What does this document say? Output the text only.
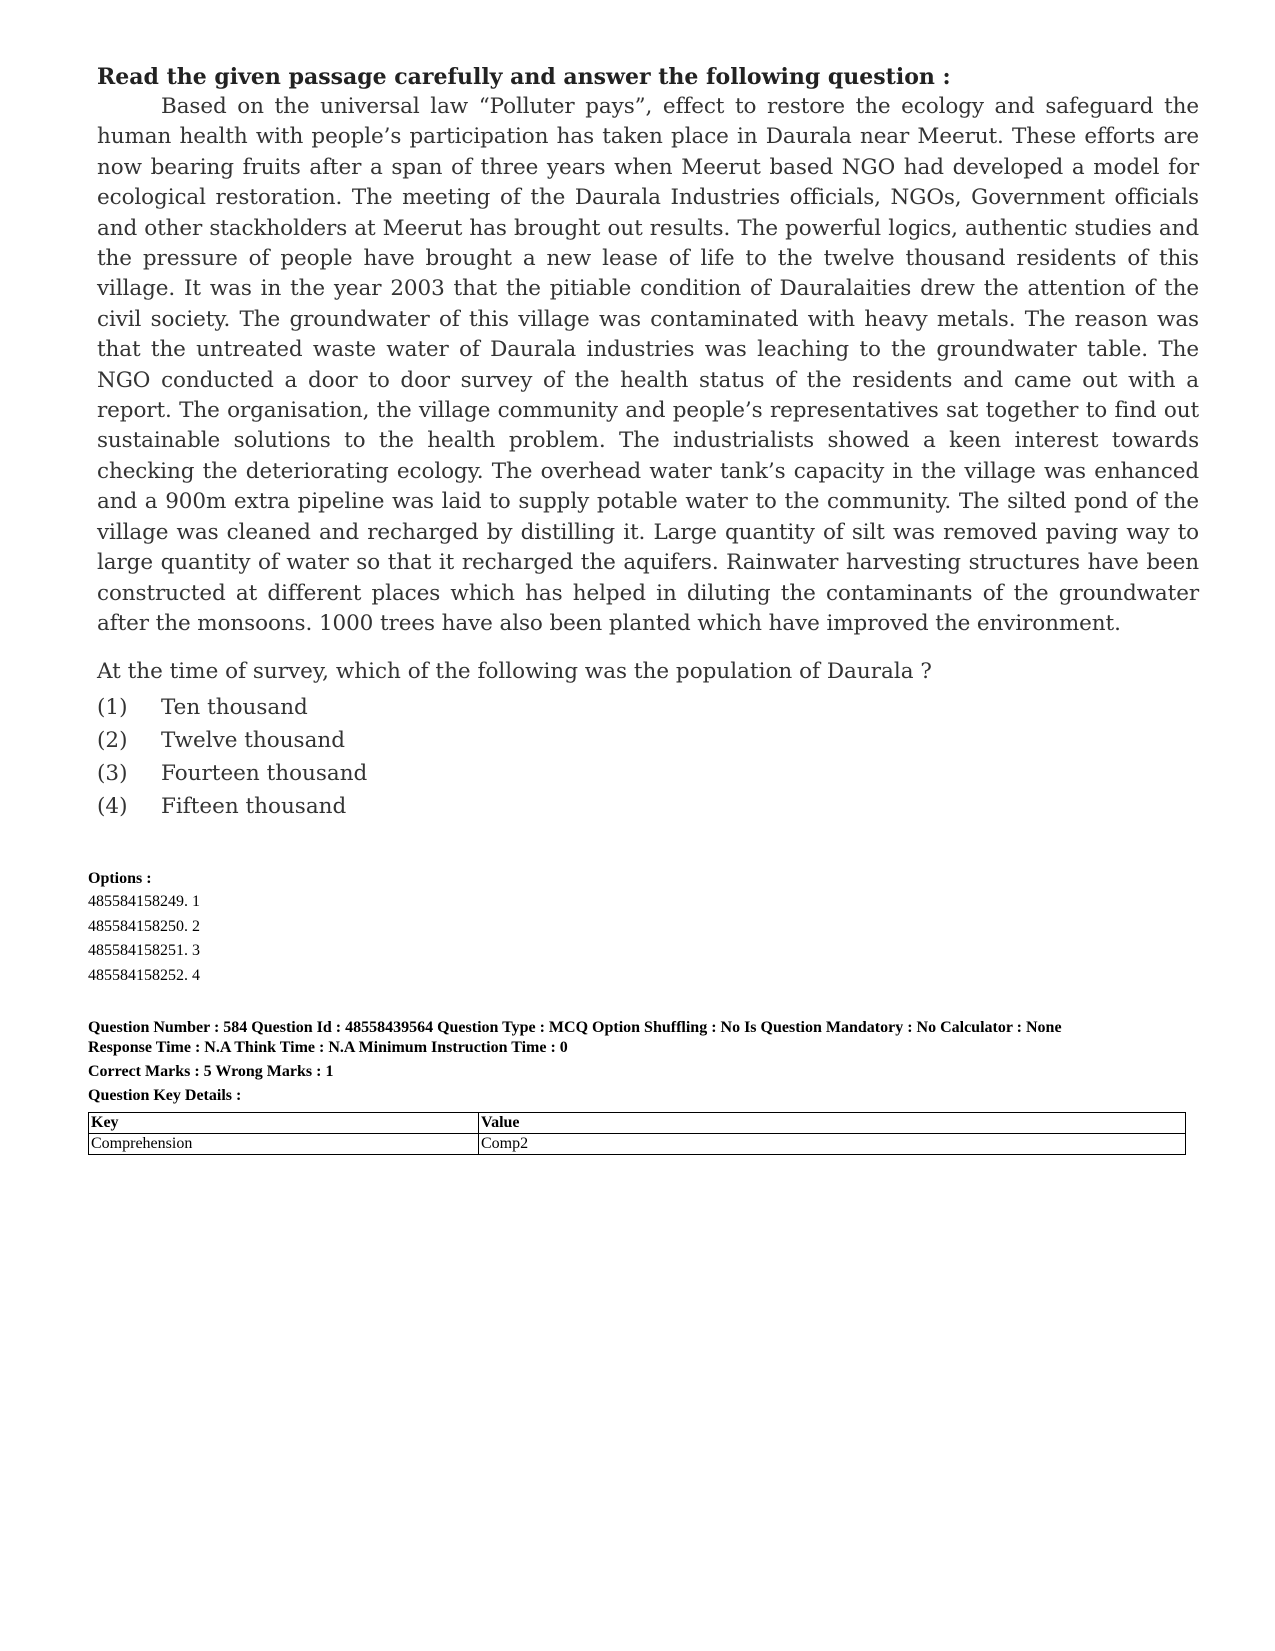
Read the given passage carefully and answer the following question :

Based on the universal law “Polluter pays”, effect to restore the ecology and safeguard the human health with people’s participation has taken place in Daurala near Meerut. These efforts are now bearing fruits after a span of three years when Meerut based NGO had developed a model for ecological restoration. The meeting of the Daurala Industries officials, NGOs, Government officials and other stackholders at Meerut has brought out results. The powerful logics, authentic studies and the pressure of people have brought a new lease of life to the twelve thousand residents of this village. It was in the year 2003 that the pitiable condition of Dauralaities drew the attention of the civil society. The groundwater of this village was contaminated with heavy metals. The reason was that the untreated waste water of Daurala industries was leaching to the groundwater table. The NGO conducted a door to door survey of the health status of the residents and came out with a report. The organisation, the village community and people’s representatives sat together to find out sustainable solutions to the health problem. The industrialists showed a keen interest towards checking the deteriorating ecology. The overhead water tank’s capacity in the village was enhanced and a 900m extra pipeline was laid to supply potable water to the community. The silted pond of the village was cleaned and recharged by distilling it. Large quantity of silt was removed paving way to large quantity of water so that it recharged the aquifers. Rainwater harvesting structures have been constructed at different places which has helped in diluting the contaminants of the groundwater after the monsoons. 1000 trees have also been planted which have improved the environment.

At the time of survey, which of the following was the population of Daurala ?

(1)	Ten thousand
(2)	Twelve thousand
(3)	Fourteen thousand
(4)	Fifteen thousand
Options :
485584158249. 1
485584158250. 2
485584158251. 3
485584158252. 4
Question Number : 584 Question Id : 48558439564 Question Type : MCQ Option Shuffling : No Is Question Mandatory : No Calculator : None
Response Time : N.A Think Time : N.A Minimum Instruction Time : 0
Correct Marks : 5 Wrong Marks : 1
Question Key Details :
Key	Value
Comprehension	Comp2
